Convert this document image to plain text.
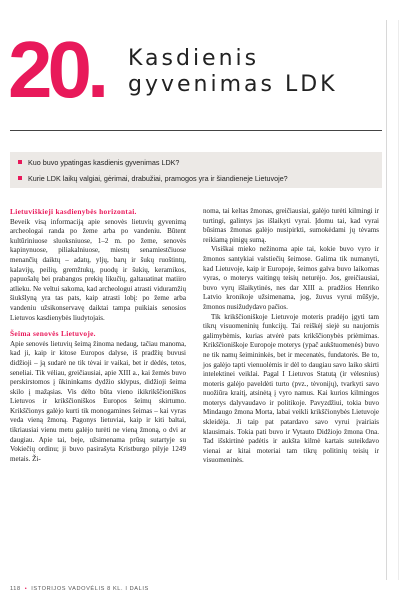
20. Kasdienis
gyvenimas LDK
Kuo buvo ypatingas kasdienis gyvenimas LDK?
Kurie LDK laikų valgiai, gėrimai, drabužiai, pramogos yra ir šiandieneje Lietuvoje?
Lietuviškieji kasdienybės horizontai.

Beveik visą informaciją apie senovės lietuvių gyvenimą archeologai randa po žeme arba po vandeniu. Būtent kultūriniuose sluoksniuose, 1–2 m. po žeme, senovės kapinynuose, piliakalniuose, miestų senamiestčiuose menančių daiktų – adatų, yljų, barų ir šukų ruoštintų, kalavijų, peilių, gremžtukų, puodų ir šukių, keramikos, papuošalų bei prabangos prekių likučių, galtauatinat matiiro atlieku. Ne veltui sakoma, kad archeologui atrasti viduramžių šiukšlyną yra tas pats, kaip atrasti lobį: po žeme arba vandeniu užsikonservavę daiktai tampa puikiais senosios Lietuvos kasdienybės liudytojais.

Šeima senovės Lietuvoje.

Apie senovės lietuvių šeimą žinoma nedaug, tačiau manoma, kad ji, kaip ir kitose Europos dalyse, iš pradžių buvusi didžioji – ją sudarė ne tik tėvai ir vaikai, bet ir dėdės, tetos, seneliai. Tik vėliau, greičiausiai, apie XIII a., kai žemės buvo perskirstomos į ūkininkams dydžio sklypus, didžioji šeima skilo į mažąsias. Vis dėlto būta vieno ikikrikščioniškos Lietuvos ir krikščioniškos Europos šeimų skirtumo. Krikščionys galėjo kurti tik monogamines šeimas – kai vyras veda vieną žmoną. Pagonys lietuviai, kaip ir kiti baltai, tikriausiai vienu metu galėjo turėti ne vieną žmoną, o dvi ar daugiau. Apie tai, beje, užsimenama prūsų sutartyje su Vokiečių ordinu; ji buvo pasirašyta Kristburgo pilyje 1249 metais. Ži-

noma, tai keltas žmonas, greičiausiai, galėjo turėti kilmingi ir turtingi, galintys jas išlaikyti vyrai. Įdomu tai, kad vyrai būsimas žmonas galėjo nusipirkti, sumokėdami jų tėvams reikiamą pinigų sumą.

Visiškai mieko nežinoma apie tai, kokie buvo vyro ir žmonos santykiai valstiečių šeimose. Galima tik numanyti, kad Lietuvoje, kaip ir Europoje, šeimos galva buvo laikomas vyras, o moterys vaitingų teisių neturėjo. Jos, greičiausiai, buvo vyrų išlaikytinės, nes dar XIII a. pradžios Henriko Latvio kronikoje užsimenama, jog, žuvus vyrui mūšyje, žmonos nusižudydavo pačios.

Tik krikščioniškoje Lietuvoje moteris pradėjo įgyti tam tikrų visuomeninių funkcijų. Tai reiškėj siejė su naujomis galimybėmis, kurias atvėrė pats krikščionybės priėmimas. Krikščioniškoje Europoje moterys (ypač aukštuomenės) buvo ne tik namų šeimininkės, bet ir mecenatės, fundatorės. Be to, jos galėjo tapti vienuolėmis ir dėl to daugiau savo laiko skirti intelektinei veiklai. Pagal I Lietuvos Statutą (ir vėlesnius) moteris galėjo paveldėti turto (pvz., tėvonijų), tvarkyti savo nuožiūra kraitį, atsinėtą į vyro namus. Kai kurios kilmingos moterys dalyvaudavo ir politikoje. Pavyzdžiui, tokia buvo Mindaugo žmona Morta, labai veikli krikščionybės Lietuvoje skleidėja. Ji taip pat patardavo savo vyrui įvairiais klausimais. Tokia pati buvo ir Vytauto Didžiojo žmona Ona. Tad išskirtinė padėtis ir aukšta kilmė kartais suteikdavo vienai ar kitai moteriai tam tikrų politinių teisių ir visuomeninės.

118 • ISTORIJOS VADOVĖLIS 8 KL. I DALIS
